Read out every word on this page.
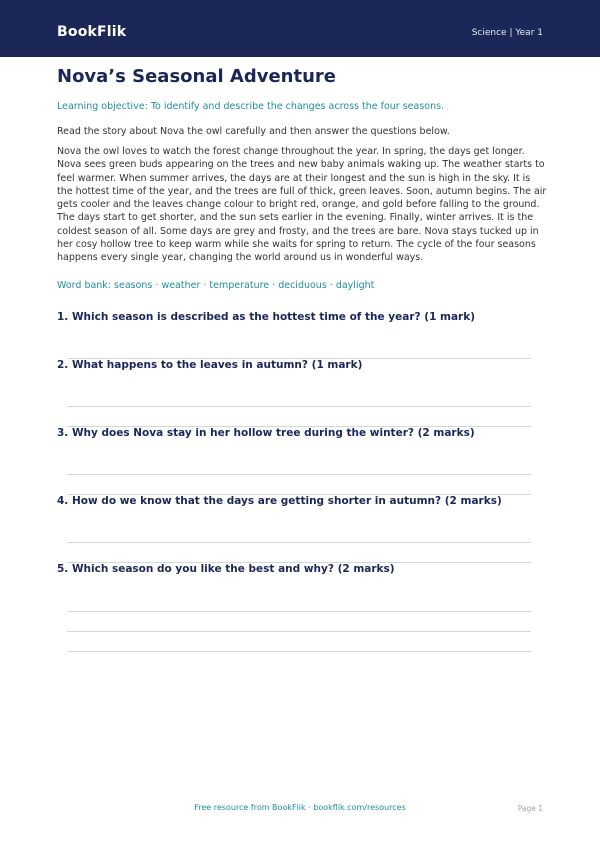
BookFlik	Science | Year 1
Nova’s Seasonal Adventure
Learning objective: To identify and describe the changes across the four seasons.
Read the story about Nova the owl carefully and then answer the questions below.
Nova the owl loves to watch the forest change throughout the year. In spring, the days get longer. Nova sees green buds appearing on the trees and new baby animals waking up. The weather starts to feel warmer. When summer arrives, the days are at their longest and the sun is high in the sky. It is the hottest time of the year, and the trees are full of thick, green leaves. Soon, autumn begins. The air gets cooler and the leaves change colour to bright red, orange, and gold before falling to the ground. The days start to get shorter, and the sun sets earlier in the evening. Finally, winter arrives. It is the coldest season of all. Some days are grey and frosty, and the trees are bare. Nova stays tucked up in her cosy hollow tree to keep warm while she waits for spring to return. The cycle of the four seasons happens every single year, changing the world around us in wonderful ways.
Word bank: seasons · weather · temperature · deciduous · daylight
1. Which season is described as the hottest time of the year? (1 mark)
2. What happens to the leaves in autumn? (1 mark)
3. Why does Nova stay in her hollow tree during the winter? (2 marks)
4. How do we know that the days are getting shorter in autumn? (2 marks)
5. Which season do you like the best and why? (2 marks)
Free resource from BookFlik · bookflik.com/resources	Page 1
